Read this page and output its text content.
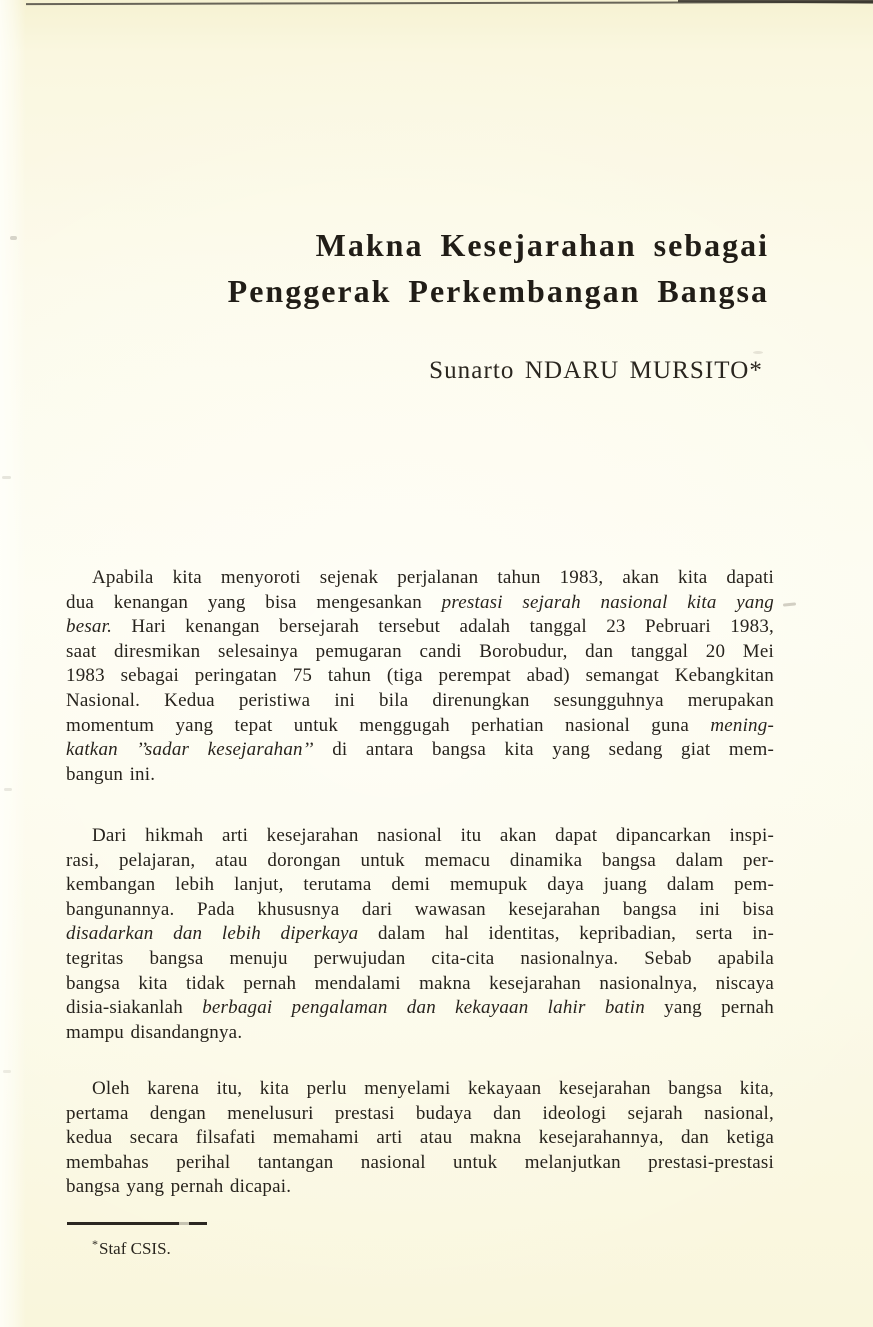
Makna Kesejarahan sebagai
Penggerak Perkembangan Bangsa
Sunarto NDARU MURSITO*
Apabila kita menyoroti sejenak perjalanan tahun 1983, akan kita dapati
dua kenangan yang bisa mengesankan prestasi sejarah nasional kita yang
besar. Hari kenangan bersejarah tersebut adalah tanggal 23 Pebruari 1983,
saat diresmikan selesainya pemugaran candi Borobudur, dan tanggal 20 Mei
1983 sebagai peringatan 75 tahun (tiga perempat abad) semangat Kebangkitan
Nasional. Kedua peristiwa ini bila direnungkan sesungguhnya merupakan
momentum yang tepat untuk menggugah perhatian nasional guna mening-
katkan ’’sadar kesejarahan’’ di antara bangsa kita yang sedang giat mem-
bangun ini.
Dari hikmah arti kesejarahan nasional itu akan dapat dipancarkan inspi-
rasi, pelajaran, atau dorongan untuk memacu dinamika bangsa dalam per-
kembangan lebih lanjut, terutama demi memupuk daya juang dalam pem-
bangunannya. Pada khususnya dari wawasan kesejarahan bangsa ini bisa
disadarkan dan lebih diperkaya dalam hal identitas, kepribadian, serta in-
tegritas bangsa menuju perwujudan cita-cita nasionalnya. Sebab apabila
bangsa kita tidak pernah mendalami makna kesejarahan nasionalnya, niscaya
disia-siakanlah berbagai pengalaman dan kekayaan lahir batin yang pernah
mampu disandangnya.
Oleh karena itu, kita perlu menyelami kekayaan kesejarahan bangsa kita,
pertama dengan menelusuri prestasi budaya dan ideologi sejarah nasional,
kedua secara filsafati memahami arti atau makna kesejarahannya, dan ketiga
membahas perihal tantangan nasional untuk melanjutkan prestasi-prestasi
bangsa yang pernah dicapai.
*Staf CSIS.
